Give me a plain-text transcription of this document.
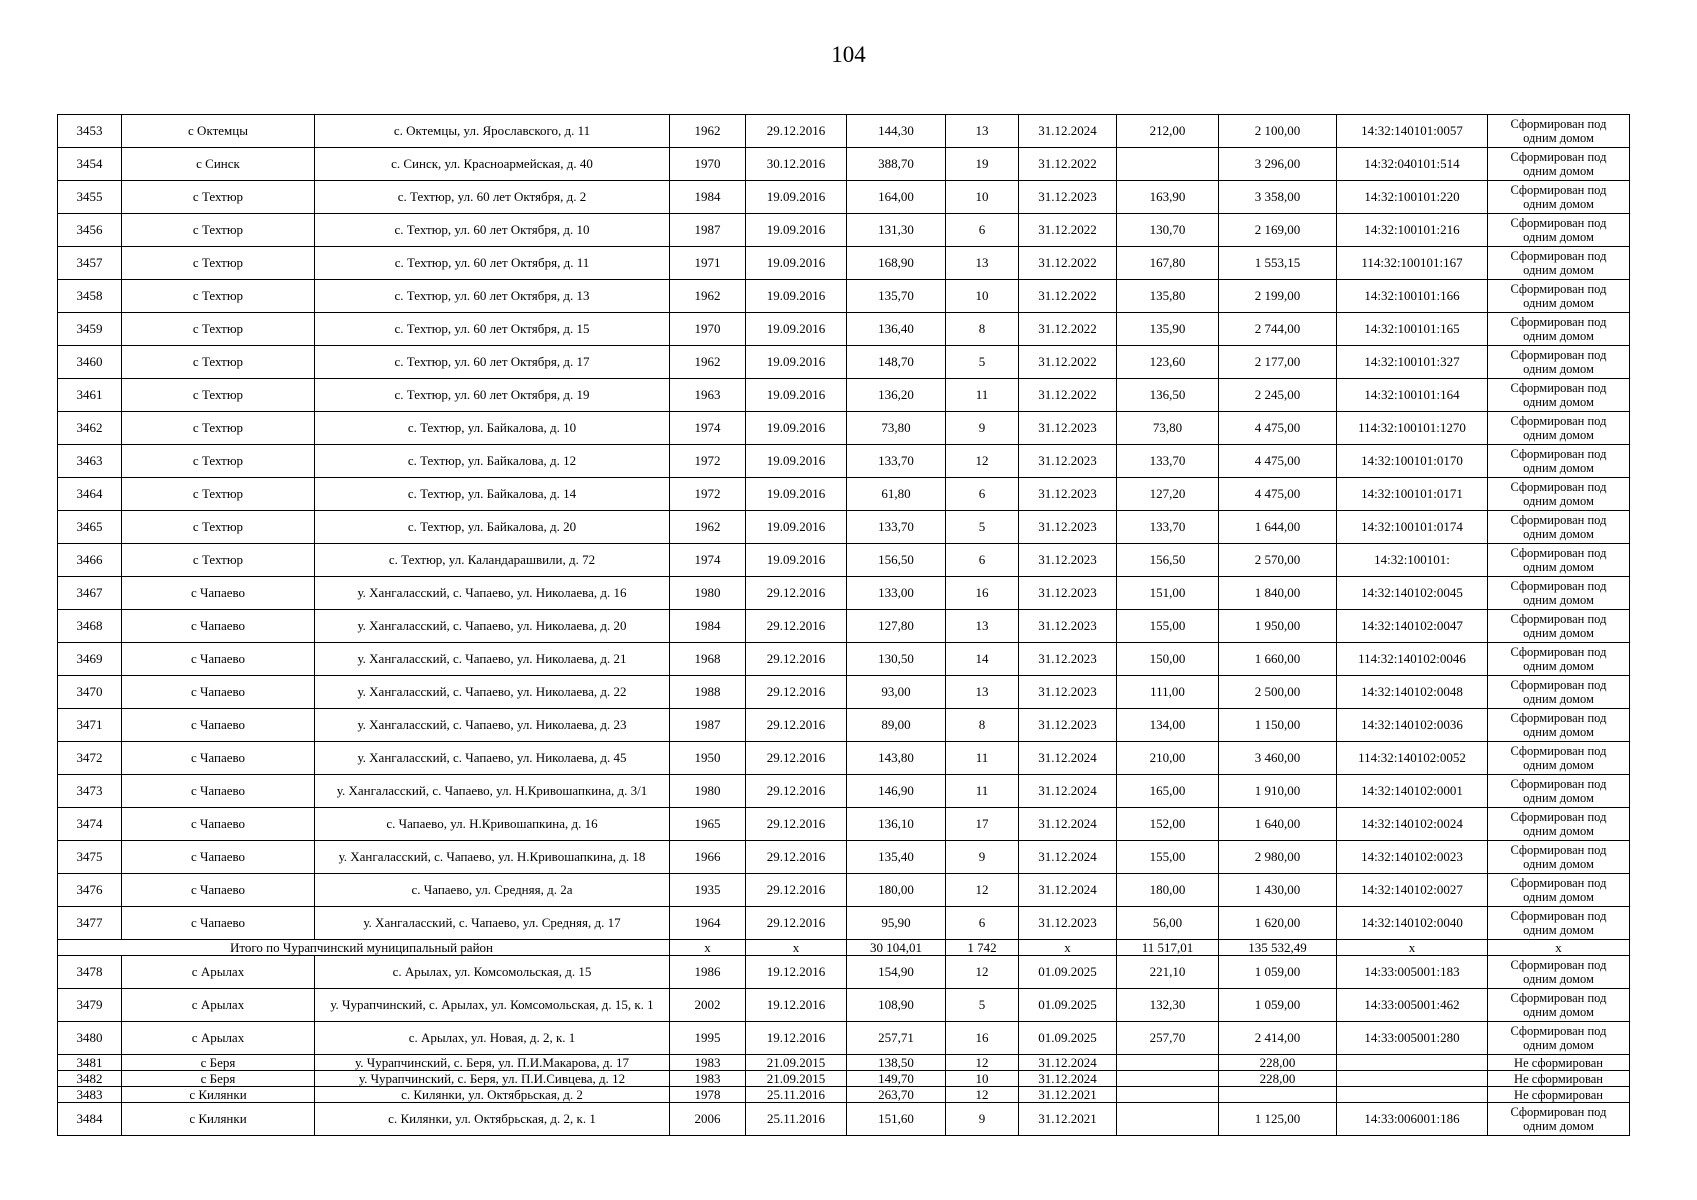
104
3453	с Октемцы	с. Октемцы, ул. Ярославского, д. 11	1962	29.12.2016	144,30	13	31.12.2024	212,00	2 100,00	14:32:140101:0057	Сформирован под одним домом
3454	с Синск	с. Синск, ул. Красноармейская, д. 40	1970	30.12.2016	388,70	19	31.12.2022		3 296,00	14:32:040101:514	Сформирован под одним домом
3455	с Техтюр	с. Техтюр, ул. 60 лет Октября, д. 2	1984	19.09.2016	164,00	10	31.12.2023	163,90	3 358,00	14:32:100101:220	Сформирован под одним домом
3456	с Техтюр	с. Техтюр, ул. 60 лет Октября, д. 10	1987	19.09.2016	131,30	6	31.12.2022	130,70	2 169,00	14:32:100101:216	Сформирован под одним домом
3457	с Техтюр	с. Техтюр, ул. 60 лет Октября, д. 11	1971	19.09.2016	168,90	13	31.12.2022	167,80	1 553,15	114:32:100101:167	Сформирован под одним домом
3458	с Техтюр	с. Техтюр, ул. 60 лет Октября, д. 13	1962	19.09.2016	135,70	10	31.12.2022	135,80	2 199,00	14:32:100101:166	Сформирован под одним домом
3459	с Техтюр	с. Техтюр, ул. 60 лет Октября, д. 15	1970	19.09.2016	136,40	8	31.12.2022	135,90	2 744,00	14:32:100101:165	Сформирован под одним домом
3460	с Техтюр	с. Техтюр, ул. 60 лет Октября, д. 17	1962	19.09.2016	148,70	5	31.12.2022	123,60	2 177,00	14:32:100101:327	Сформирован под одним домом
3461	с Техтюр	с. Техтюр, ул. 60 лет Октября, д. 19	1963	19.09.2016	136,20	11	31.12.2022	136,50	2 245,00	14:32:100101:164	Сформирован под одним домом
3462	с Техтюр	с. Техтюр, ул. Байкалова, д. 10	1974	19.09.2016	73,80	9	31.12.2023	73,80	4 475,00	114:32:100101:1270	Сформирован под одним домом
3463	с Техтюр	с. Техтюр, ул. Байкалова, д. 12	1972	19.09.2016	133,70	12	31.12.2023	133,70	4 475,00	14:32:100101:0170	Сформирован под одним домом
3464	с Техтюр	с. Техтюр, ул. Байкалова, д. 14	1972	19.09.2016	61,80	6	31.12.2023	127,20	4 475,00	14:32:100101:0171	Сформирован под одним домом
3465	с Техтюр	с. Техтюр, ул. Байкалова, д. 20	1962	19.09.2016	133,70	5	31.12.2023	133,70	1 644,00	14:32:100101:0174	Сформирован под одним домом
3466	с Техтюр	с. Техтюр, ул. Каландарашвили, д. 72	1974	19.09.2016	156,50	6	31.12.2023	156,50	2 570,00	14:32:100101:	Сформирован под одним домом
3467	с Чапаево	у. Хангаласский, с. Чапаево, ул. Николаева, д. 16	1980	29.12.2016	133,00	16	31.12.2023	151,00	1 840,00	14:32:140102:0045	Сформирован под одним домом
3468	с Чапаево	у. Хангаласский, с. Чапаево, ул. Николаева, д. 20	1984	29.12.2016	127,80	13	31.12.2023	155,00	1 950,00	14:32:140102:0047	Сформирован под одним домом
3469	с Чапаево	у. Хангаласский, с. Чапаево, ул. Николаева, д. 21	1968	29.12.2016	130,50	14	31.12.2023	150,00	1 660,00	114:32:140102:0046	Сформирован под одним домом
3470	с Чапаево	у. Хангаласский, с. Чапаево, ул. Николаева, д. 22	1988	29.12.2016	93,00	13	31.12.2023	111,00	2 500,00	14:32:140102:0048	Сформирован под одним домом
3471	с Чапаево	у. Хангаласский, с. Чапаево, ул. Николаева, д. 23	1987	29.12.2016	89,00	8	31.12.2023	134,00	1 150,00	14:32:140102:0036	Сформирован под одним домом
3472	с Чапаево	у. Хангаласский, с. Чапаево, ул. Николаева, д. 45	1950	29.12.2016	143,80	11	31.12.2024	210,00	3 460,00	114:32:140102:0052	Сформирован под одним домом
3473	с Чапаево	у. Хангаласский, с. Чапаево, ул. Н.Кривошапкина, д. 3/1	1980	29.12.2016	146,90	11	31.12.2024	165,00	1 910,00	14:32:140102:0001	Сформирован под одним домом
3474	с Чапаево	с. Чапаево, ул. Н.Кривошапкина, д. 16	1965	29.12.2016	136,10	17	31.12.2024	152,00	1 640,00	14:32:140102:0024	Сформирован под одним домом
3475	с Чапаево	у. Хангаласский, с. Чапаево, ул. Н.Кривошапкина, д. 18	1966	29.12.2016	135,40	9	31.12.2024	155,00	2 980,00	14:32:140102:0023	Сформирован под одним домом
3476	с Чапаево	с. Чапаево, ул. Средняя, д. 2а	1935	29.12.2016	180,00	12	31.12.2024	180,00	1 430,00	14:32:140102:0027	Сформирован под одним домом
3477	с Чапаево	у. Хангаласский, с. Чапаево, ул. Средняя, д. 17	1964	29.12.2016	95,90	6	31.12.2023	56,00	1 620,00	14:32:140102:0040	Сформирован под одним домом
Итого по Чурапчинский муниципальный район			x	x	30 104,01	1 742	x	11 517,01	135 532,49	x	x
3478	с Арылах	с. Арылах, ул. Комсомольская, д. 15	1986	19.12.2016	154,90	12	01.09.2025	221,10	1 059,00	14:33:005001:183	Сформирован под одним домом
3479	с Арылах	у. Чурапчинский, с. Арылах, ул. Комсомольская, д. 15, к. 1	2002	19.12.2016	108,90	5	01.09.2025	132,30	1 059,00	14:33:005001:462	Сформирован под одним домом
3480	с Арылах	с. Арылах, ул. Новая, д. 2, к. 1	1995	19.12.2016	257,71	16	01.09.2025	257,70	2 414,00	14:33:005001:280	Сформирован под одним домом
3481	с Беря	у. Чурапчинский, с. Беря, ул. П.И.Макарова, д. 17	1983	21.09.2015	138,50	12	31.12.2024		228,00		Не сформирован
3482	с Беря	у. Чурапчинский, с. Беря, ул. П.И.Сивцева, д. 12	1983	21.09.2015	149,70	10	31.12.2024		228,00		Не сформирован
3483	с Килянки	с. Килянки, ул. Октябрьская, д. 2	1978	25.11.2016	263,70	12	31.12.2021				Не сформирован
3484	с Килянки	с. Килянки, ул. Октябрьская, д. 2, к. 1	2006	25.11.2016	151,60	9	31.12.2021		1 125,00	14:33:006001:186	Сформирован под одним домом
